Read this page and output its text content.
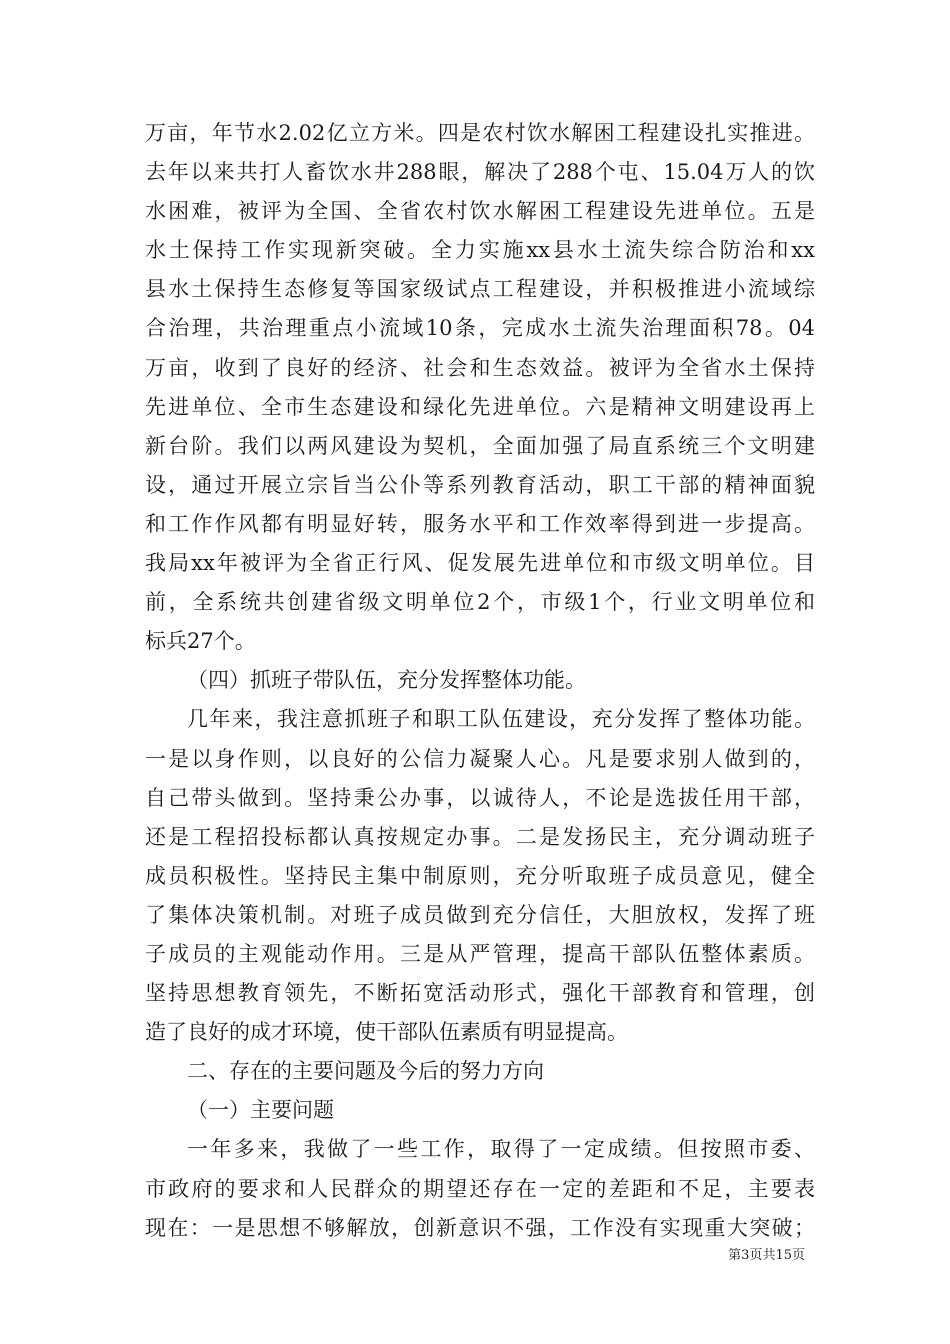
万亩，年节水2.02亿立方米。四是农村饮水解困工程建设扎实推进。
去年以来共打人畜饮水井288眼，解决了288个屯、15.04万人的饮
水困难，被评为全国、全省农村饮水解困工程建设先进单位。五是
水土保持工作实现新突破。全力实施xx县水土流失综合防治和xx
县水土保持生态修复等国家级试点工程建设，并积极推进小流域综
合治理，共治理重点小流域10条，完成水土流失治理面积78。04
万亩，收到了良好的经济、社会和生态效益。被评为全省水土保持
先进单位、全市生态建设和绿化先进单位。六是精神文明建设再上
新台阶。我们以两风建设为契机，全面加强了局直系统三个文明建
设，通过开展立宗旨当公仆等系列教育活动，职工干部的精神面貌
和工作作风都有明显好转，服务水平和工作效率得到进一步提高。
我局xx年被评为全省正行风、促发展先进单位和市级文明单位。目
前，全系统共创建省级文明单位2个，市级1个，行业文明单位和
标兵27个。
（四）抓班子带队伍，充分发挥整体功能。
几年来，我注意抓班子和职工队伍建设，充分发挥了整体功能。
一是以身作则，以良好的公信力凝聚人心。凡是要求别人做到的，
自己带头做到。坚持秉公办事，以诚待人，不论是选拔任用干部，
还是工程招投标都认真按规定办事。二是发扬民主，充分调动班子
成员积极性。坚持民主集中制原则，充分听取班子成员意见，健全
了集体决策机制。对班子成员做到充分信任，大胆放权，发挥了班
子成员的主观能动作用。三是从严管理，提高干部队伍整体素质。
坚持思想教育领先，不断拓宽活动形式，强化干部教育和管理，创
造了良好的成才环境，使干部队伍素质有明显提高。
二、存在的主要问题及今后的努力方向
（一）主要问题
一年多来，我做了一些工作，取得了一定成绩。但按照市委、
市政府的要求和人民群众的期望还存在一定的差距和不足，主要表
现在：一是思想不够解放，创新意识不强，工作没有实现重大突破；
第3页共15页
